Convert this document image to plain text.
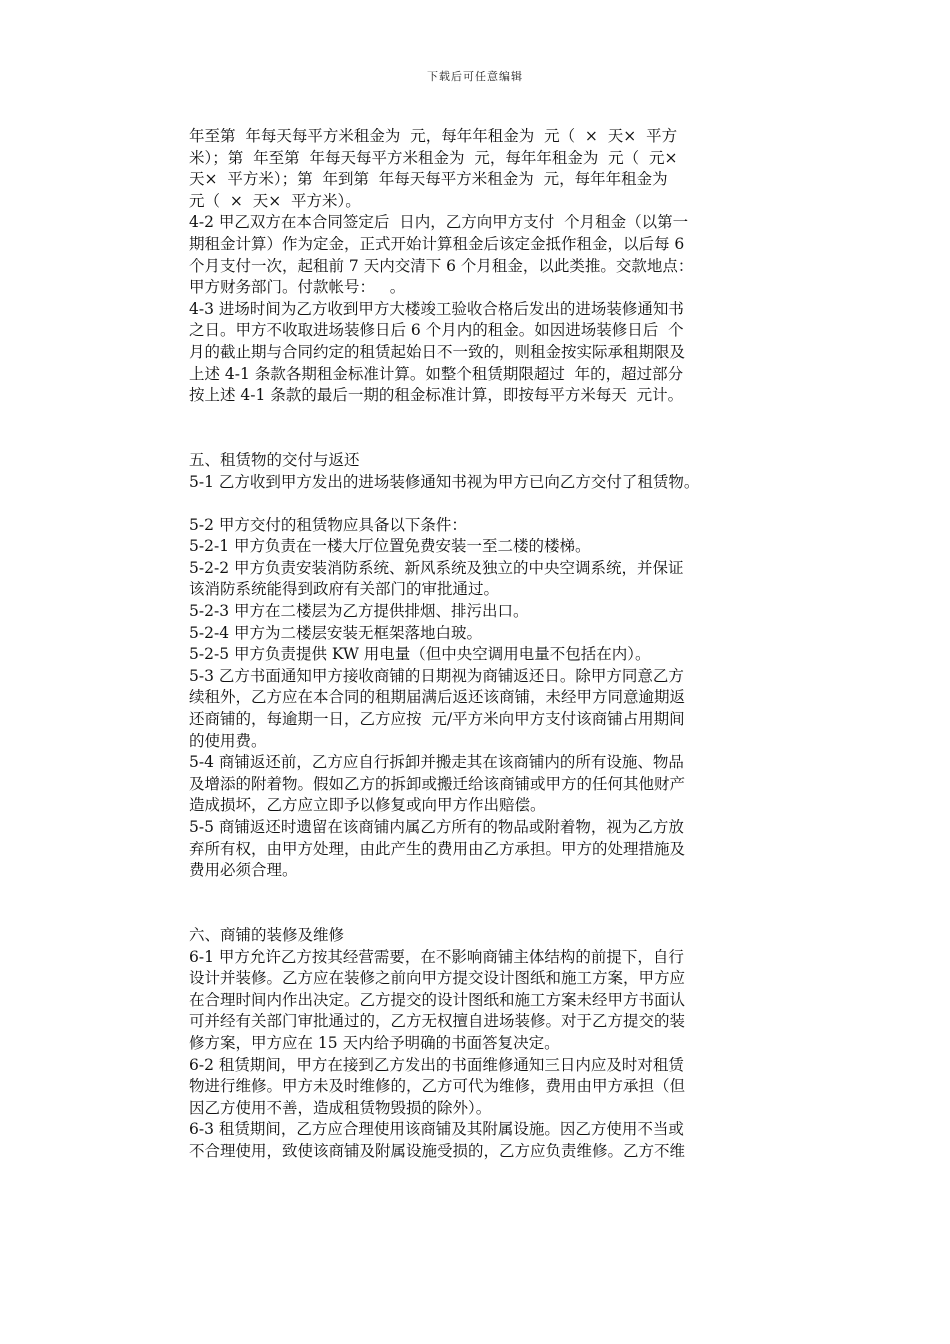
下载后可任意编辑
年至第  年每天每平方米租金为  元，每年年租金为  元（  ×  天×  平方
米）；第  年至第  年每天每平方米租金为  元，每年年租金为  元（  元×
天×  平方米）；第  年到第  年每天每平方米租金为  元，每年年租金为
元（  ×  天×  平方米）。
4-2 甲乙双方在本合同签定后  日内，乙方向甲方支付  个月租金（以第一
期租金计算）作为定金，正式开始计算租金后该定金抵作租金，以后每 6
个月支付一次，起租前 7 天内交清下 6 个月租金，以此类推。交款地点：
甲方财务部门。付款帐号：   。
4-3 进场时间为乙方收到甲方大楼竣工验收合格后发出的进场装修通知书
之日。甲方不收取进场装修日后 6 个月内的租金。如因进场装修日后  个
月的截止期与合同约定的租赁起始日不一致的，则租金按实际承租期限及
上述 4-1 条款各期租金标准计算。如整个租赁期限超过  年的，超过部分
按上述 4-1 条款的最后一期的租金标准计算，即按每平方米每天  元计。
五、租赁物的交付与返还
5-1 乙方收到甲方发出的进场装修通知书视为甲方已向乙方交付了租赁物。
5-2 甲方交付的租赁物应具备以下条件：
5-2-1 甲方负责在一楼大厅位置免费安装一至二楼的楼梯。
5-2-2 甲方负责安装消防系统、新风系统及独立的中央空调系统，并保证
该消防系统能得到政府有关部门的审批通过。
5-2-3 甲方在二楼层为乙方提供排烟、排污出口。
5-2-4 甲方为二楼层安装无框架落地白玻。
5-2-5 甲方负责提供 KW 用电量（但中央空调用电量不包括在内）。
5-3 乙方书面通知甲方接收商铺的日期视为商铺返还日。除甲方同意乙方
续租外，乙方应在本合同的租期届满后返还该商铺，未经甲方同意逾期返
还商铺的，每逾期一日，乙方应按  元/平方米向甲方支付该商铺占用期间
的使用费。
5-4 商铺返还前，乙方应自行拆卸并搬走其在该商铺内的所有设施、物品
及增添的附着物。假如乙方的拆卸或搬迁给该商铺或甲方的任何其他财产
造成损坏，乙方应立即予以修复或向甲方作出赔偿。
5-5 商铺返还时遗留在该商铺内属乙方所有的物品或附着物，视为乙方放
弃所有权，由甲方处理，由此产生的费用由乙方承担。甲方的处理措施及
费用必须合理。
六、商铺的装修及维修
6-1 甲方允许乙方按其经营需要，在不影响商铺主体结构的前提下，自行
设计并装修。乙方应在装修之前向甲方提交设计图纸和施工方案，甲方应
在合理时间内作出决定。乙方提交的设计图纸和施工方案未经甲方书面认
可并经有关部门审批通过的，乙方无权擅自进场装修。对于乙方提交的装
修方案，甲方应在 15 天内给予明确的书面答复决定。
6-2 租赁期间，甲方在接到乙方发出的书面维修通知三日内应及时对租赁
物进行维修。甲方未及时维修的，乙方可代为维修，费用由甲方承担（但
因乙方使用不善，造成租赁物毁损的除外）。
6-3 租赁期间，乙方应合理使用该商铺及其附属设施。因乙方使用不当或
不合理使用，致使该商铺及附属设施受损的，乙方应负责维修。乙方不维
